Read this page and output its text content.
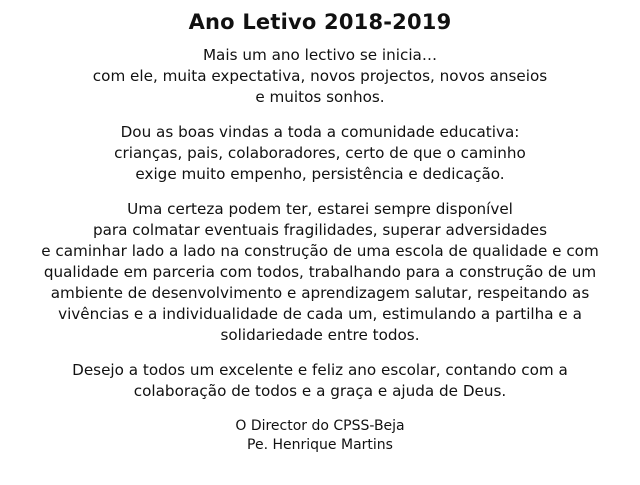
Ano Letivo 2018-2019

Mais um ano lectivo se inicia…
com ele, muita expectativa, novos projectos, novos anseios
e muitos sonhos.

Dou as boas vindas a toda a comunidade educativa:
crianças, pais, colaboradores, certo de que o caminho
exige muito empenho, persistência e dedicação.

Uma certeza podem ter, estarei sempre disponível
para colmatar eventuais fragilidades, superar adversidades
e caminhar lado a lado na construção de uma escola de qualidade e com
qualidade em parceria com todos, trabalhando para a construção de um
ambiente de desenvolvimento e aprendizagem salutar, respeitando as
vivências e a individualidade de cada um, estimulando a partilha e a
solidariedade entre todos.

Desejo a todos um excelente e feliz ano escolar, contando com a
colaboração de todos e a graça e ajuda de Deus.

O Director do CPSS-Beja
Pe. Henrique Martins
